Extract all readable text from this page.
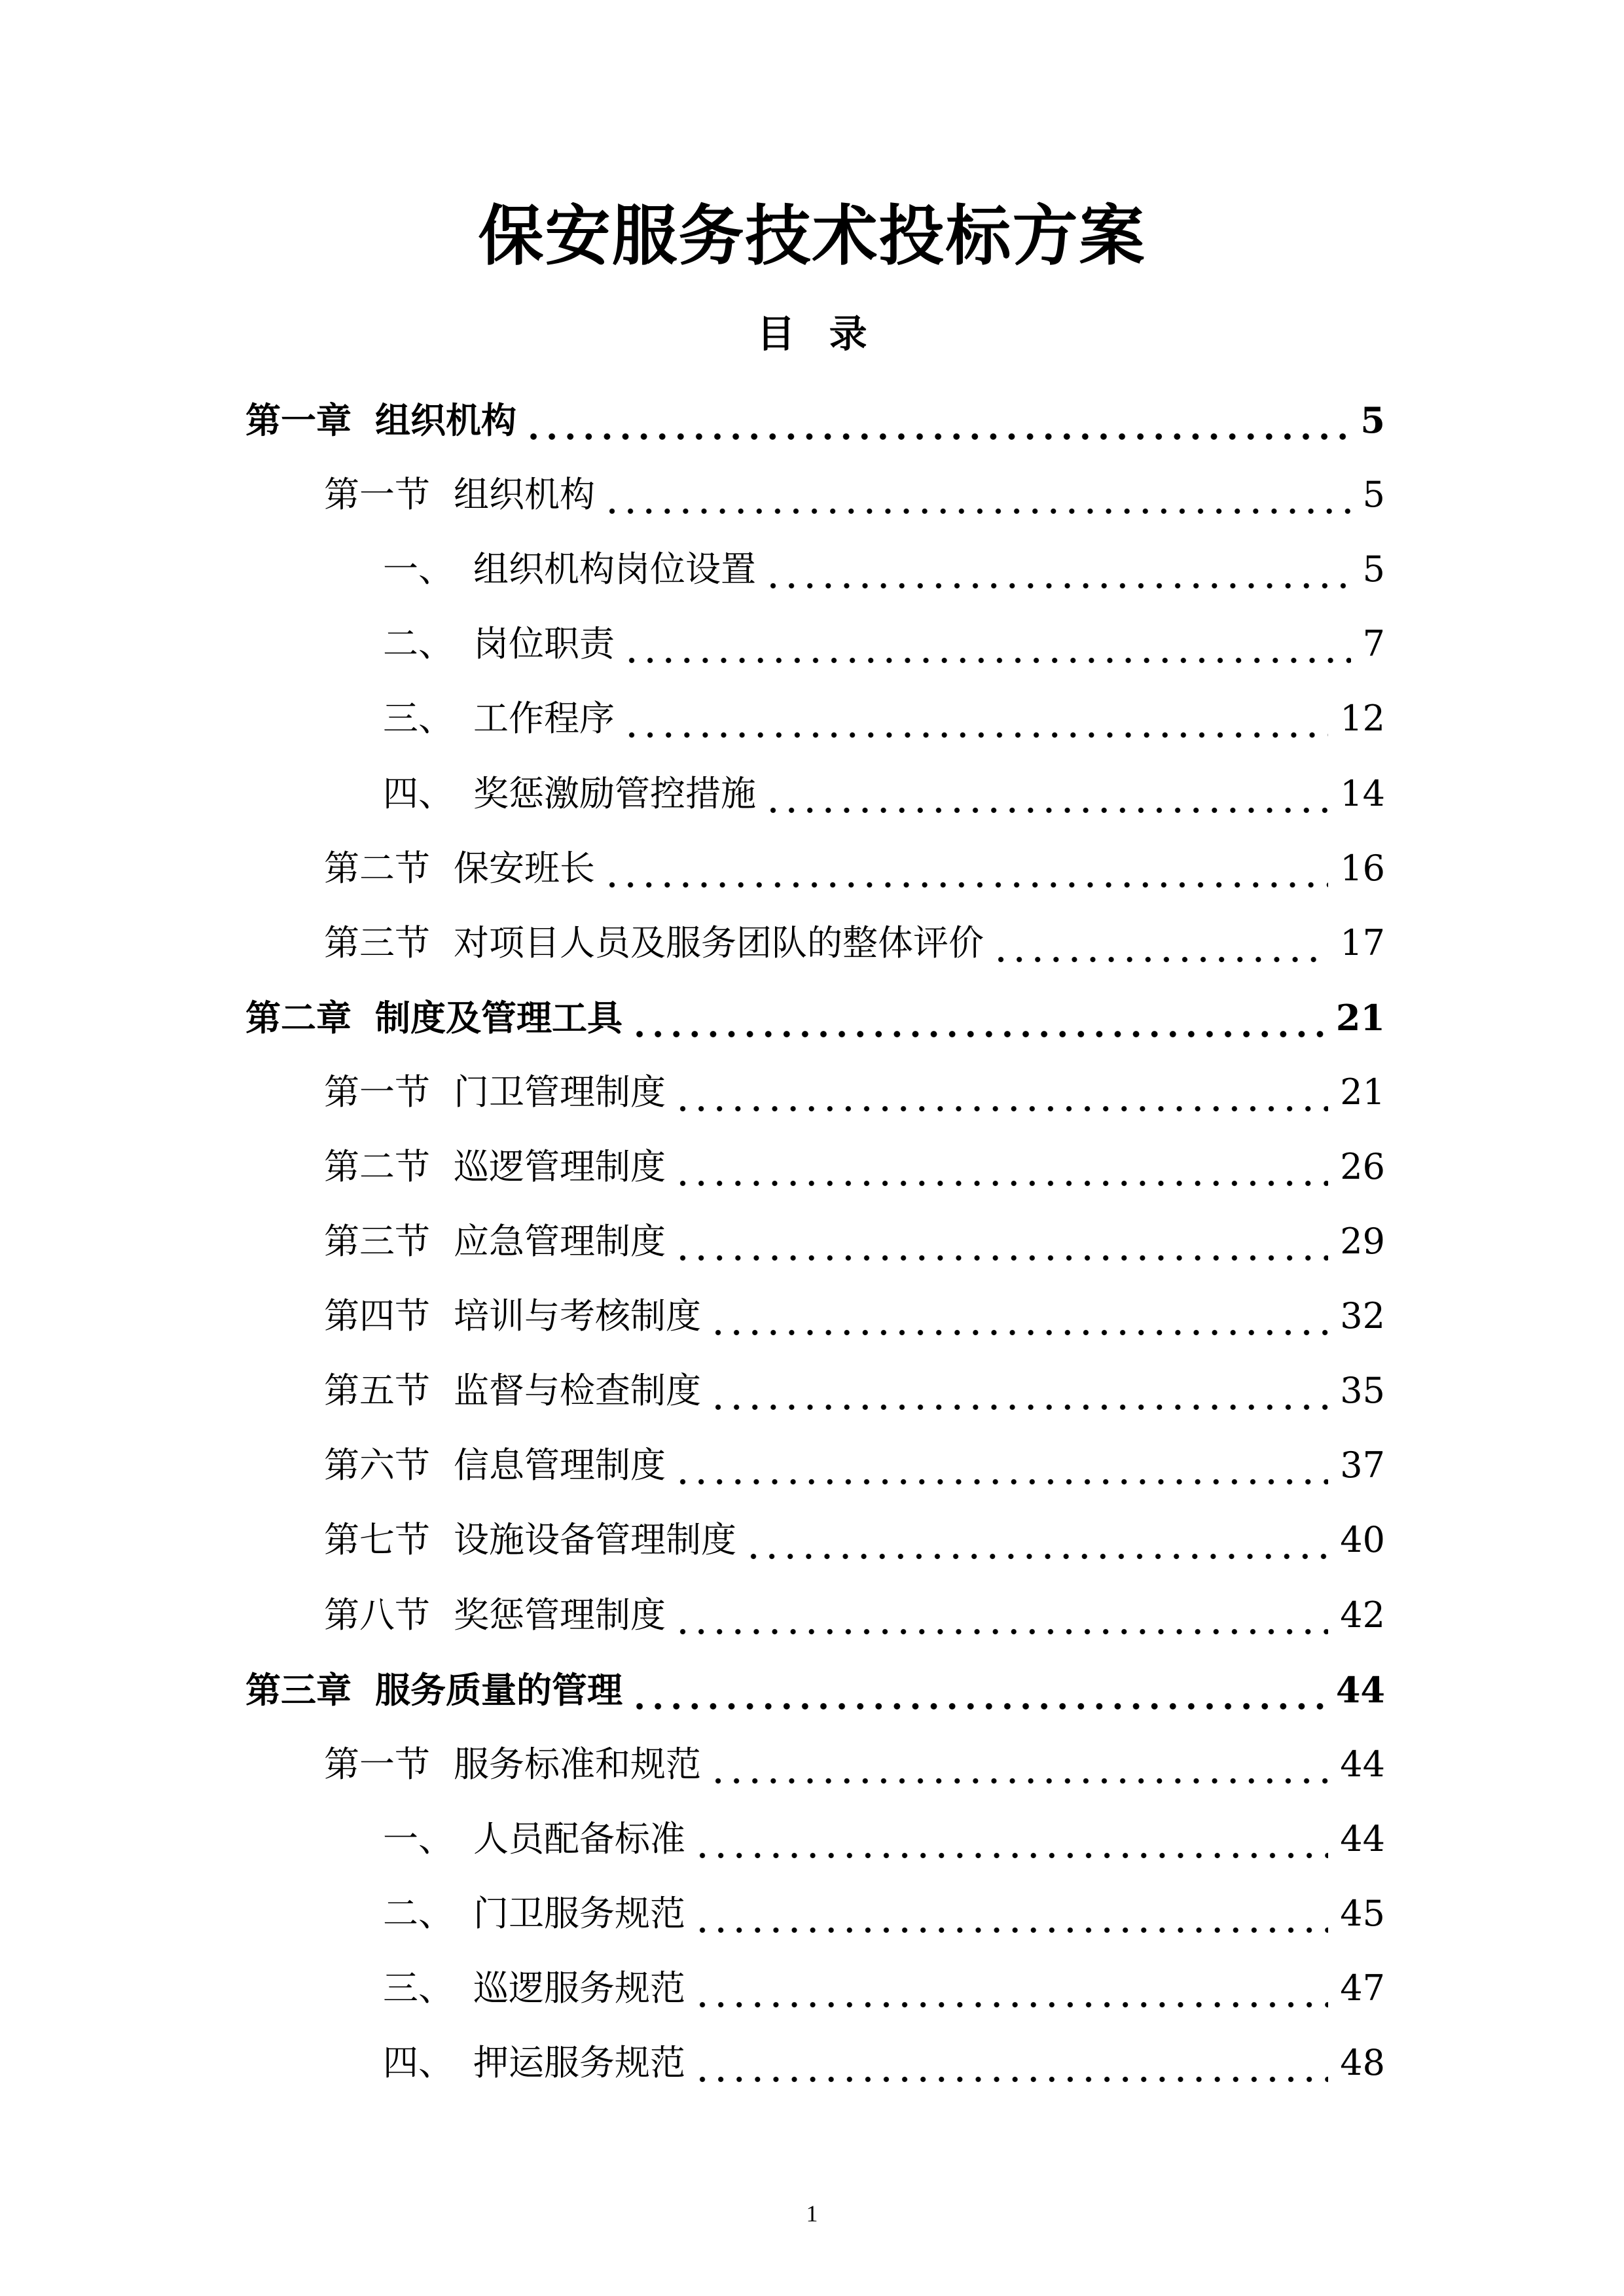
保安服务技术投标方案
目 录
第一章 组织机构	5
第一节 组织机构	5
一、 组织机构岗位设置	5
二、 岗位职责	7
三、 工作程序	12
四、 奖惩激励管控措施	14
第二节 保安班长	16
第三节 对项目人员及服务团队的整体评价	17
第二章 制度及管理工具	21
第一节 门卫管理制度	21
第二节 巡逻管理制度	26
第三节 应急管理制度	29
第四节 培训与考核制度	32
第五节 监督与检查制度	35
第六节 信息管理制度	37
第七节 设施设备管理制度	40
第八节 奖惩管理制度	42
第三章 服务质量的管理	44
第一节 服务标准和规范	44
一、 人员配备标准	44
二、 门卫服务规范	45
三、 巡逻服务规范	47
四、 押运服务规范	48
1
